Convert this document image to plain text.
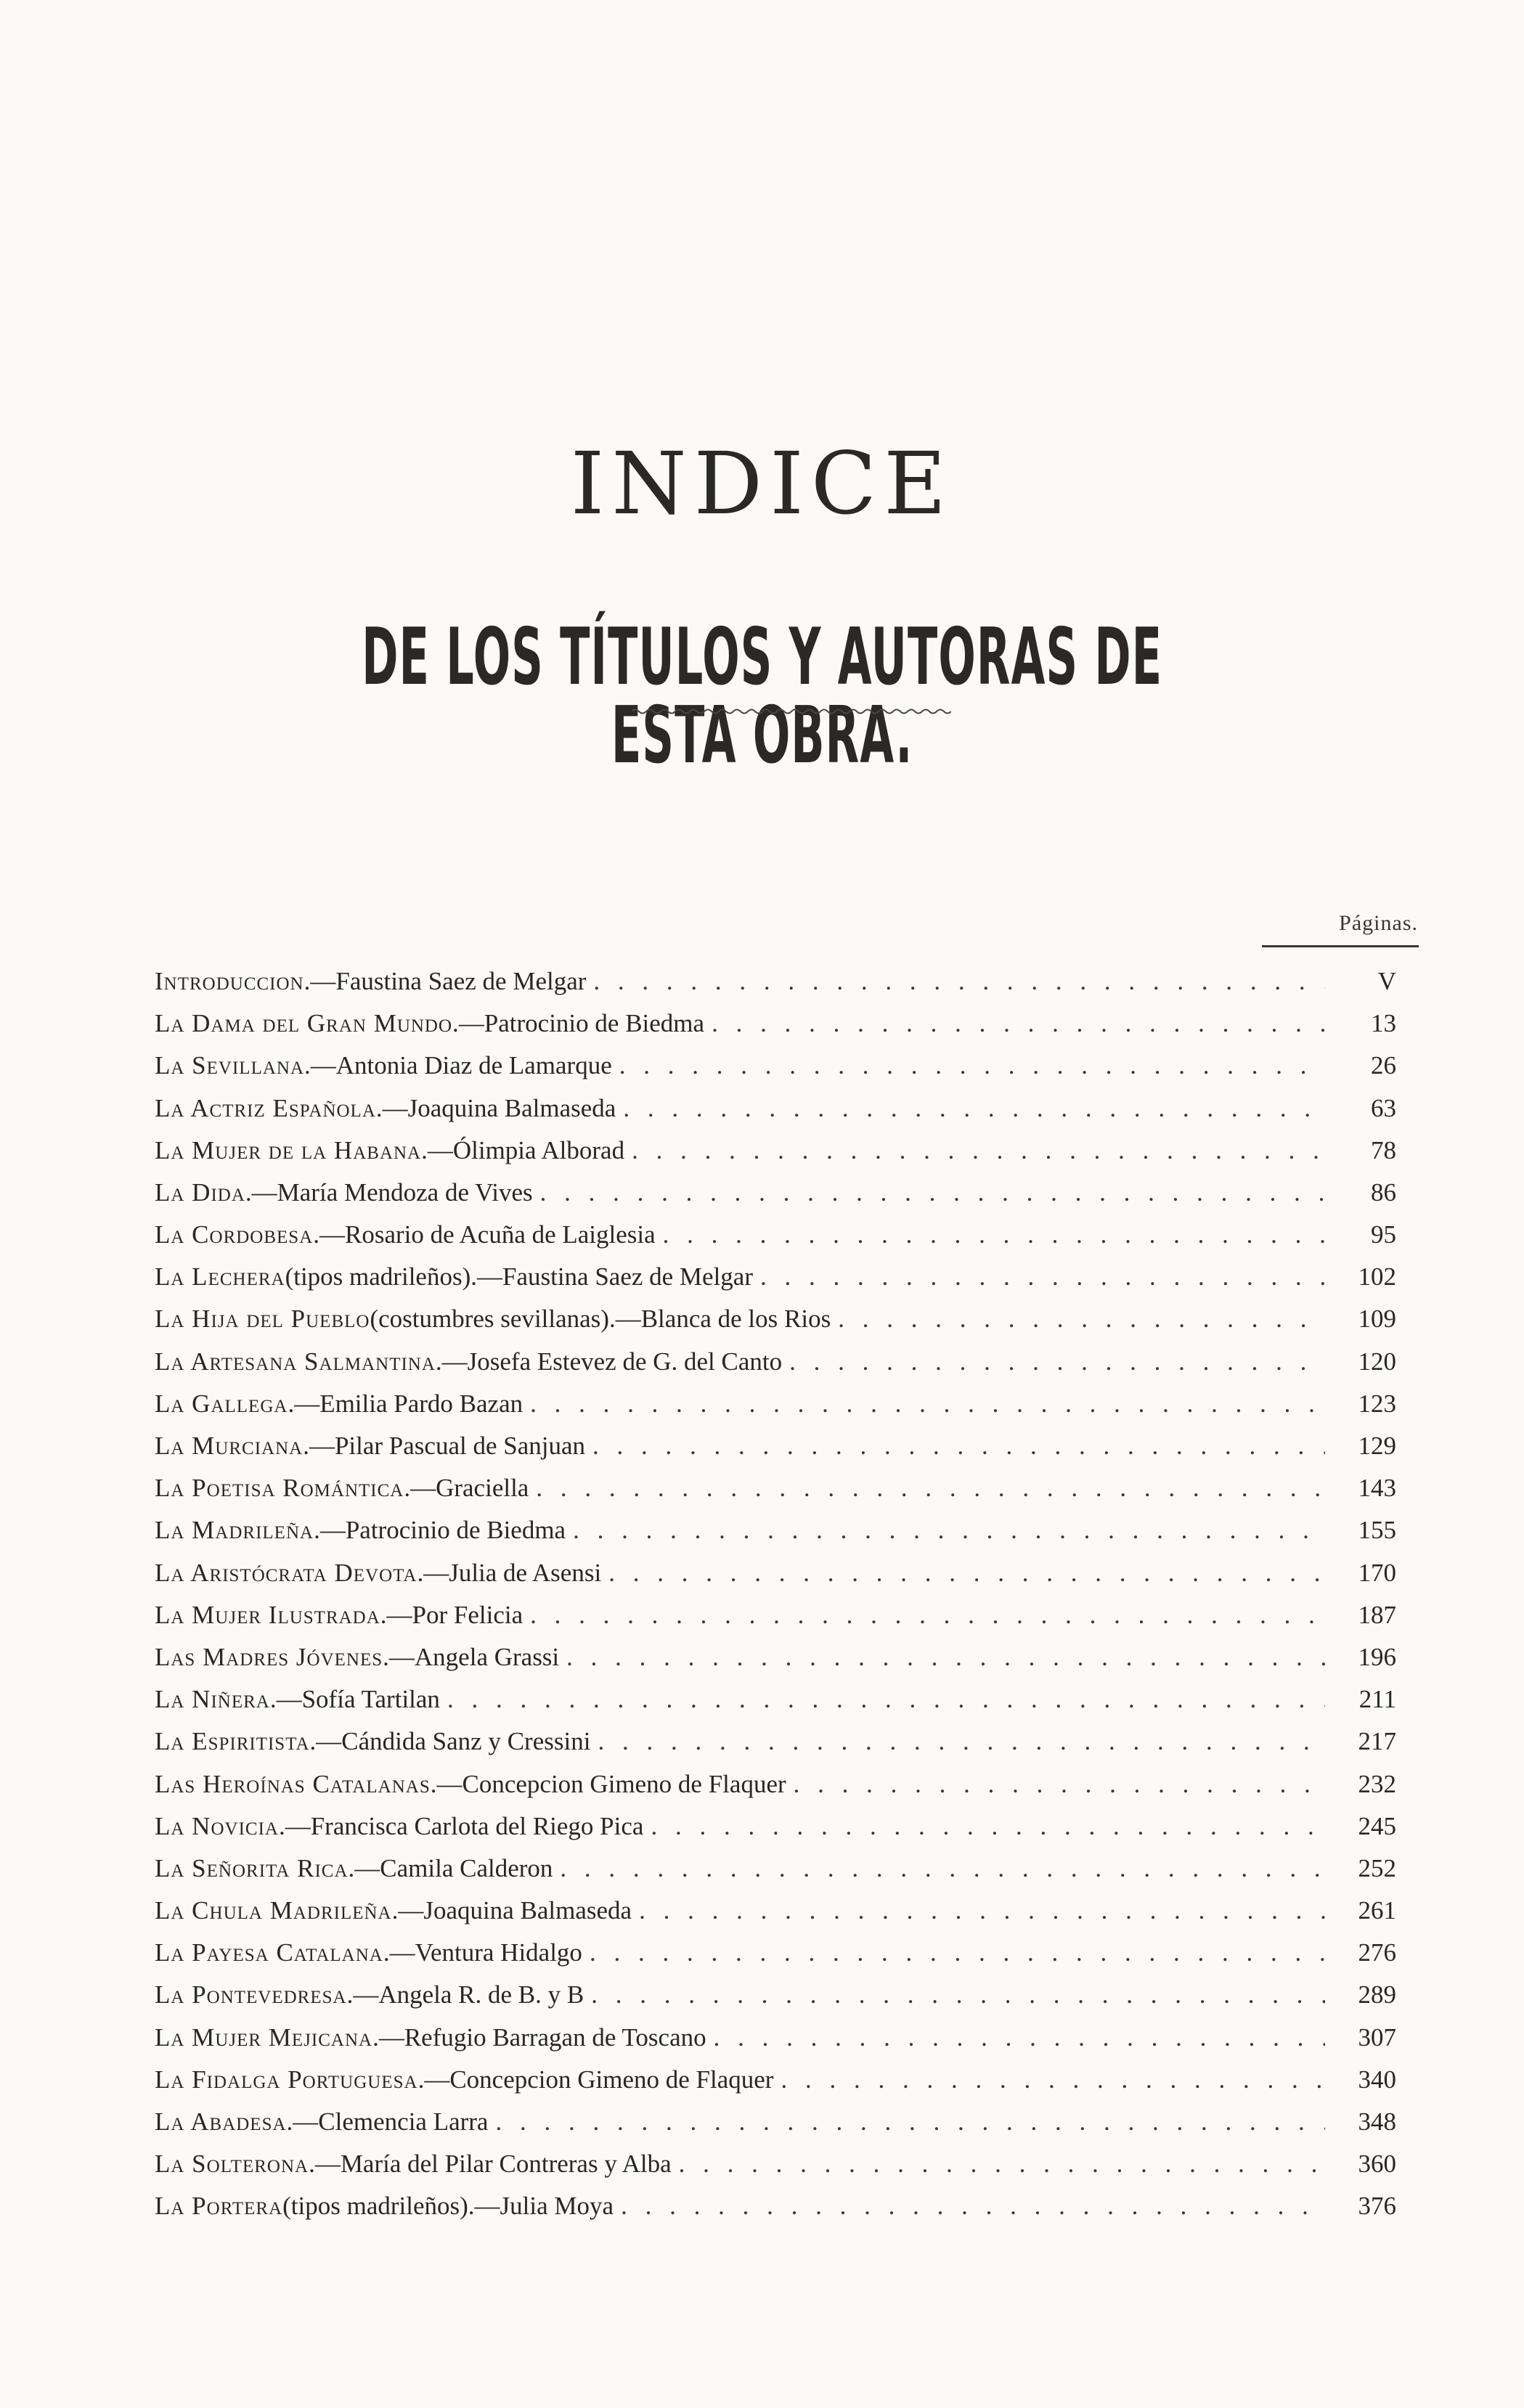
INDICE
DE LOS TÍTULOS Y AUTORAS DE ESTA OBRA.
Páginas.
Introduccion .— Faustina Saez de Melgar . . .	V
La Dama del Gran Mundo .— Patrocinio de Biedma . . .	13
La Sevillana .— Antonia Diaz de Lamarque . . .	26
La Actriz Española .— Joaquina Balmaseda . . .	63
La Mujer de la Habana .— Ólimpia Alborad . . .	78
La Dida .— María Mendoza de Vives . . .	86
La Cordobesa .— Rosario de Acuña de Laiglesia . . .	95
La Lechera (tipos madrileños).—Faustina Saez de Melgar . . .	102
La Hija del Pueblo (costumbres sevillanas).—Blanca de los Rios . . .	109
La Artesana Salmantina .— Josefa Estevez de G. del Canto . . .	120
La Gallega .— Emilia Pardo Bazan . . .	123
La Murciana .— Pilar Pascual de Sanjuan . . .	129
La Poetisa Romántica .— Graciella . . .	143
La Madrileña .— Patrocinio de Biedma . . .	155
La Aristócrata Devota .— Julia de Asensi . . .	170
La Mujer Ilustrada .— Por Felicia . . .	187
Las Madres Jóvenes .— Angela Grassi . . .	196
La Niñera .— Sofía Tartilan . . .	211
La Espiritista .— Cándida Sanz y Cressini . . .	217
Las Heroínas Catalanas .— Concepcion Gimeno de Flaquer . . .	232
La Novicia .— Francisca Carlota del Riego Pica . . .	245
La Señorita Rica .— Camila Calderon . . .	252
La Chula Madrileña .— Joaquina Balmaseda . . .	261
La Payesa Catalana .— Ventura Hidalgo . . .	276
La Pontevedresa .— Angela R. de B. y B . . .	289
La Mujer Mejicana .— Refugio Barragan de Toscano . . .	307
La Fidalga Portuguesa .— Concepcion Gimeno de Flaquer . . .	340
La Abadesa .— Clemencia Larra . . .	348
La Solterona .— María del Pilar Contreras y Alba . . .	360
La Portera (tipos madrileños).—Julia Moya . . .	376
